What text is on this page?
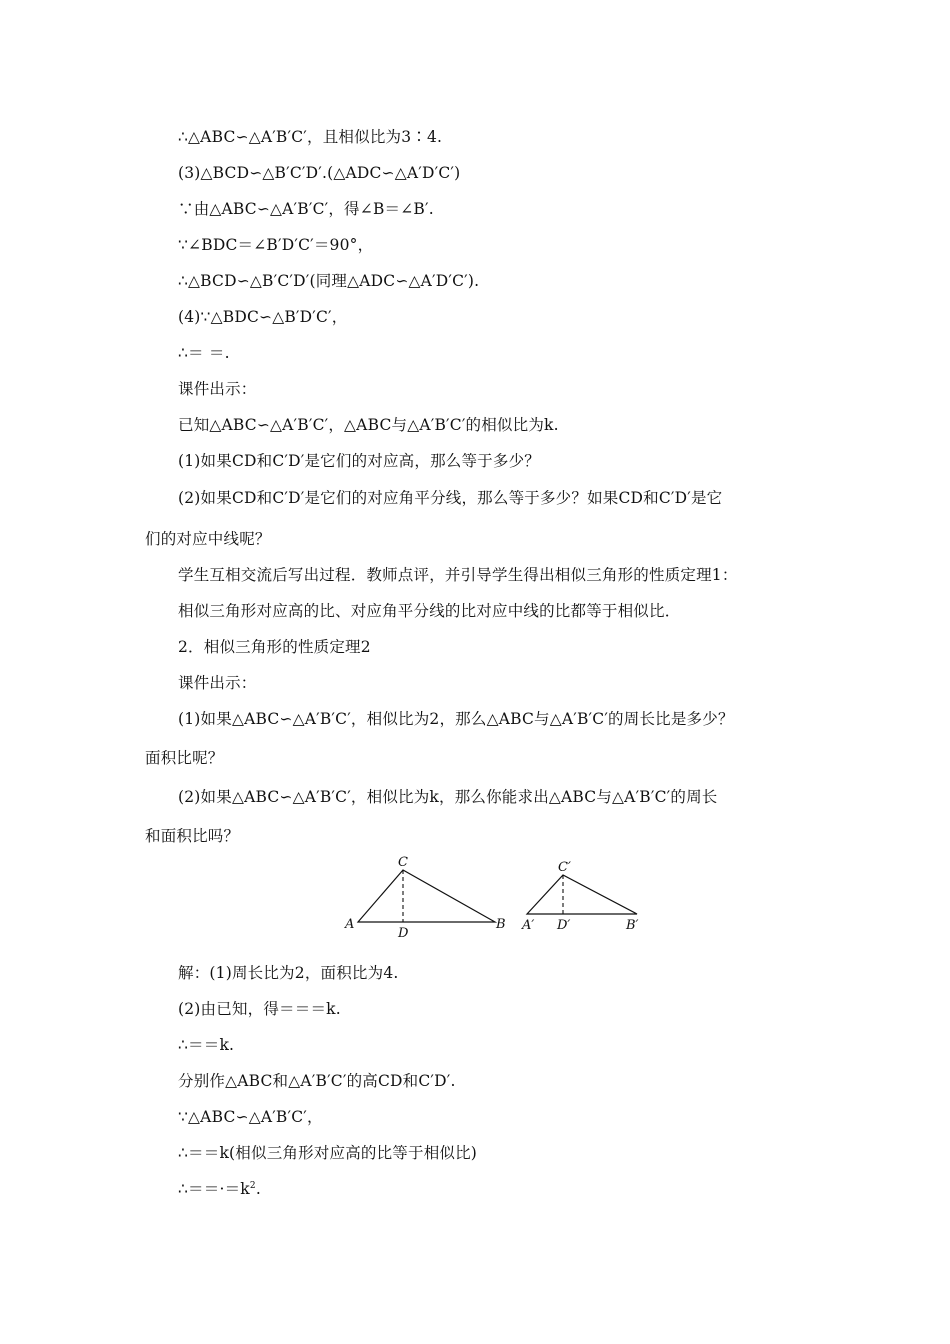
∴△ABC∽△A′B′C′，且相似比为3∶4.
(3)△BCD∽△B′C′D′.(△ADC∽△A′D′C′)
∵由△ABC∽△A′B′C′，得∠B＝∠B′.
∵∠BDC＝∠B′D′C′＝90°，
∴△BCD∽△B′C′D′(同理△ADC∽△A′D′C′).
(4)∵△BDC∽△B′D′C′，
∴＝ ＝.
课件出示：
已知△ABC∽△A′B′C′，△ABC与△A′B′C′的相似比为k.
(1)如果CD和C′D′是它们的对应高，那么等于多少？
(2)如果CD和C′D′是它们的对应角平分线，那么等于多少？如果CD和C′D′是它
们的对应中线呢？
学生互相交流后写出过程．教师点评，并引导学生得出相似三角形的性质定理1：
相似三角形对应高的比、对应角平分线的比对应中线的比都等于相似比．
2．相似三角形的性质定理2
课件出示：
(1)如果△ABC∽△A′B′C′，相似比为2，那么△ABC与△A′B′C′的周长比是多少？
面积比呢？
(2)如果△ABC∽△A′B′C′，相似比为k，那么你能求出△ABC与△A′B′C′的周长
和面积比吗？
C
A	B
D
C′
A′	B′
D′
解：(1)周长比为2，面积比为4.
(2)由已知，得＝＝＝k.
∴＝＝k.
分别作△ABC和△A′B′C′的高CD和C′D′.
∵△ABC∽△A′B′C′，
∴＝＝k(相似三角形对应高的比等于相似比)
$\therefore==\cdot=k^2$.
